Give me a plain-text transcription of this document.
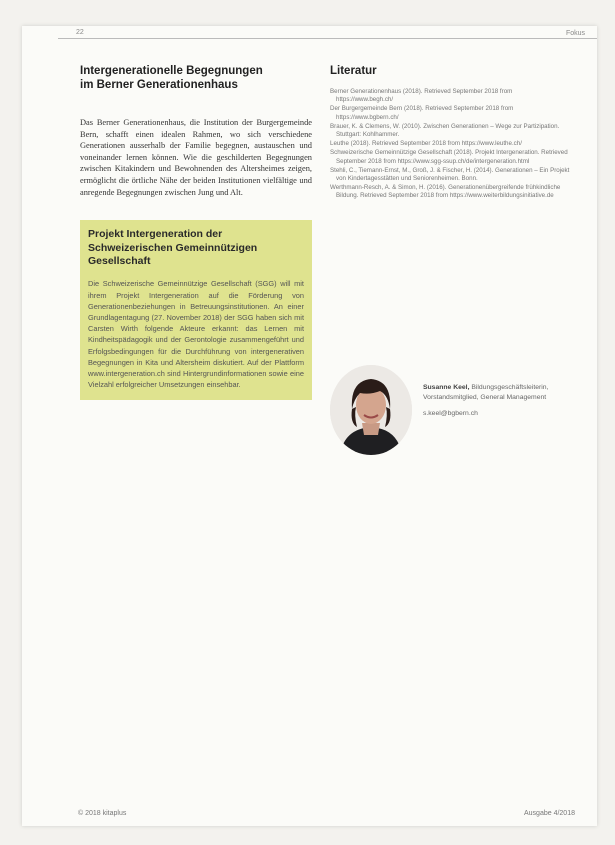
22	Fokus
Intergenerationelle Begegnungen
im Berner Generationenhaus
Das Berner Generationenhaus, die Institution der Burgergemeinde Bern, schafft einen idealen Rahmen, wo sich verschiedene Generationen ausserhalb der Familie begegnen, austauschen und voneinander lernen können. Wie die geschilderten Begegnungen zwischen Kitakindern und Bewohnenden des Altersheimes zeigen, ermöglicht die örtliche Nähe der beiden Institutionen vielfältige und anregende Begegnungen zwischen Jung und Alt.
Projekt Intergeneration der
Schweizerischen Gemeinnützigen
Gesellschaft

Die Schweizerische Gemeinnützige Gesellschaft (SGG) will mit ihrem Projekt Intergeneration auf die Förderung von Generationenbeziehungen in Betreuungsinstitutionen. An einer Grundlagentagung (27. November 2018) der SGG haben sich mit Carsten Wirth folgende Akteure erkannt: das Lernen mit Kindheitspädagogik und der Gerontologie zusammengeführt und Erfolgsbedingungen für die Durchführung von intergenerativen Begegnungen in Kita und Altersheim diskutiert. Auf der Plattform www.intergeneration.ch sind Hintergrundinformationen sowie eine Vielzahl erfolgreicher Umsetzungen einsehbar.

Literatur
Berner Generationenhaus (2018). Retrieved September 2018 from https://www.begh.ch/
Der Burgergemeinde Bern (2018). Retrieved September 2018 from https://www.bgbern.ch/
Brauer, K. & Clemens, W. (2010). Zwischen Generationen – Wege zur Partizipation. Stuttgart: Kohlhammer.
Leuthe (2018). Retrieved September 2018 from https://www.leuthe.ch/
Schweizerische Gemeinnützige Gesellschaft (2018). Projekt Intergeneration. Retrieved September 2018 from https://www.sgg-ssup.ch/de/intergeneration.html
Stehli, C., Tiemann-Ernst, M., Groß, J. & Fischer, H. (2014). Generationen – Ein Projekt von Kindertagesstätten und Seniorenheimen. Bonn.
Werthmann-Resch, A. & Simon, H. (2016). Generationenübergreifende frühkindliche Bildung. Retrieved September 2018 from https://www.weiterbildungsinitiative.de
Susanne Keel, Bildungsgeschäftsleiterin, Vorstandsmitglied, General Management
s.keel@bgbern.ch
© 2018 kitaplus	Ausgabe 4/2018
